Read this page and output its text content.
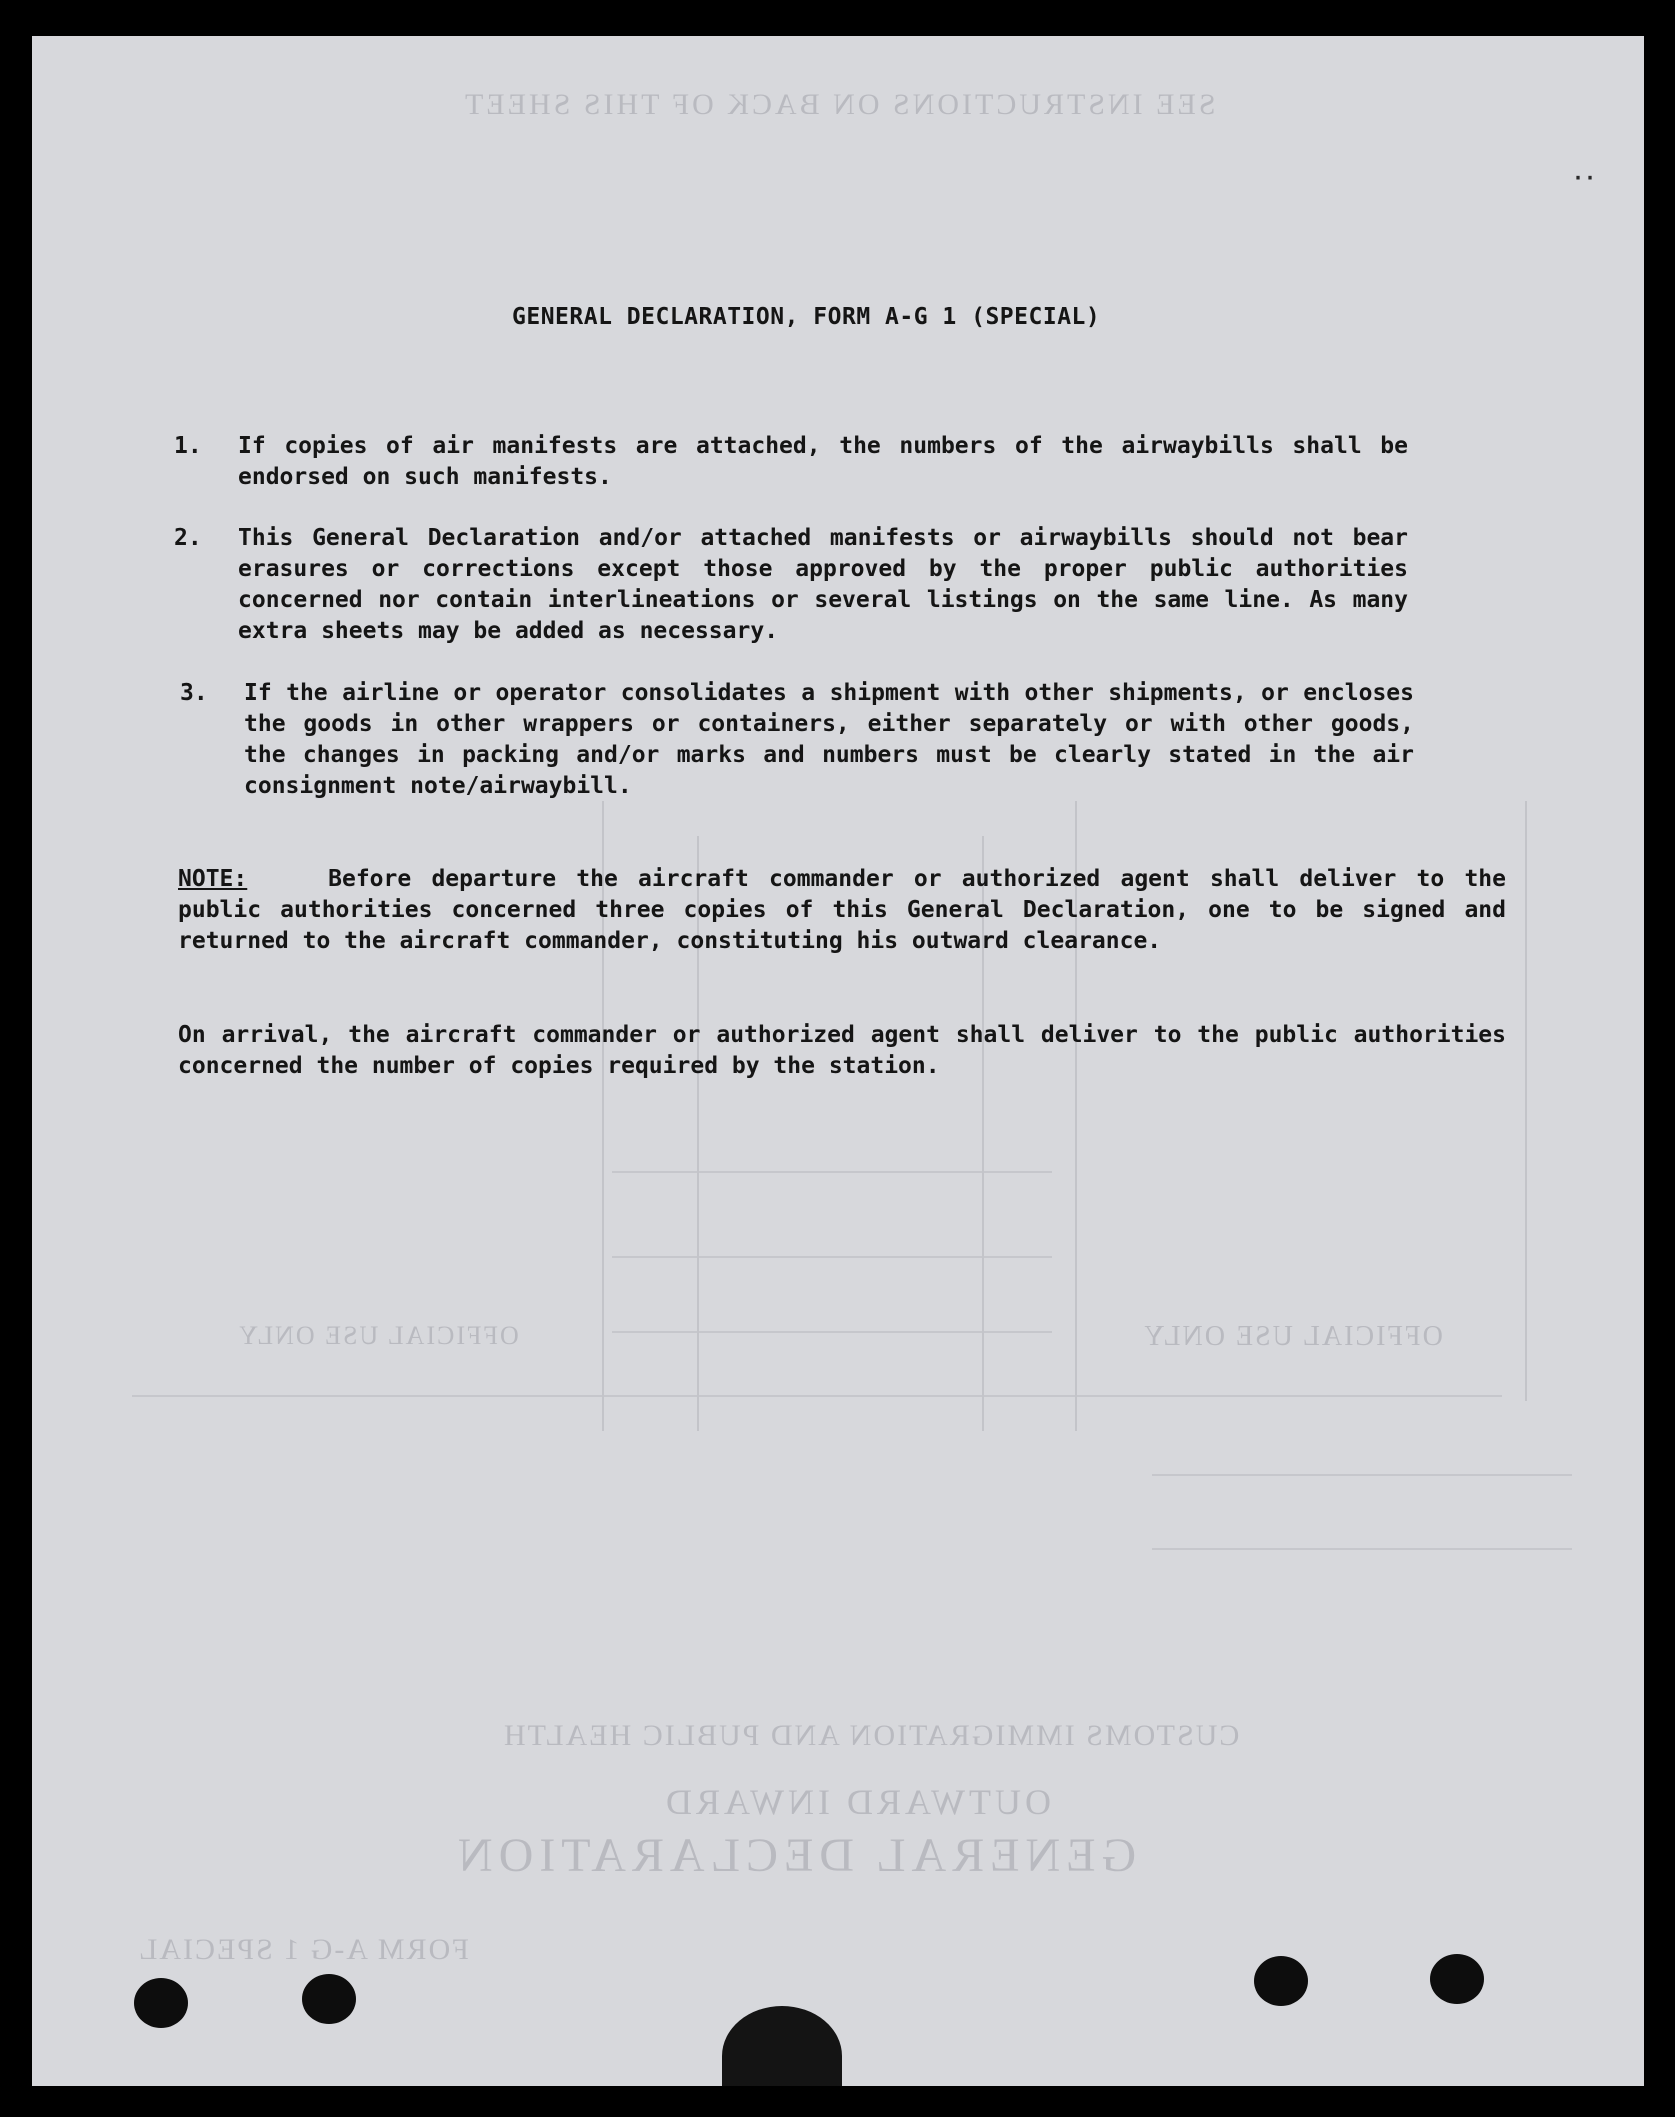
SEE INSTRUCTIONS ON BACK OF THIS SHEET
OFFICIAL USE ONLY
OFFICIAL USE ONLY
CUSTOMS IMMIGRATION AND PUBLIC HEALTH
OUTWARD INWARD
GENERAL DECLARATION
FORM A-G 1 SPECIAL
GENERAL DECLARATION, FORM A-G 1 (SPECIAL)
1. If copies of air manifests are attached, the numbers of the airwaybills shall be endorsed on such manifests.
2. This General Declaration and/or attached manifests or airwaybills should not bear erasures or corrections except those approved by the proper public authorities concerned nor contain interlineations or several listings on the same line. As many extra sheets may be added as necessary.
3. If the airline or operator consolidates a shipment with other shipments, or encloses the goods in other wrappers or containers, either separately or with other goods, the changes in packing and/or marks and numbers must be clearly stated in the air consignment note/airwaybill.
NOTE:	Before departure the aircraft commander or authorized agent shall deliver to the public authorities concerned three copies of this General Declaration, one to be signed and returned to the aircraft commander, constituting his outward clearance.
On arrival, the aircraft commander or authorized agent shall deliver to the public authorities concerned the number of copies required by the station.
··
